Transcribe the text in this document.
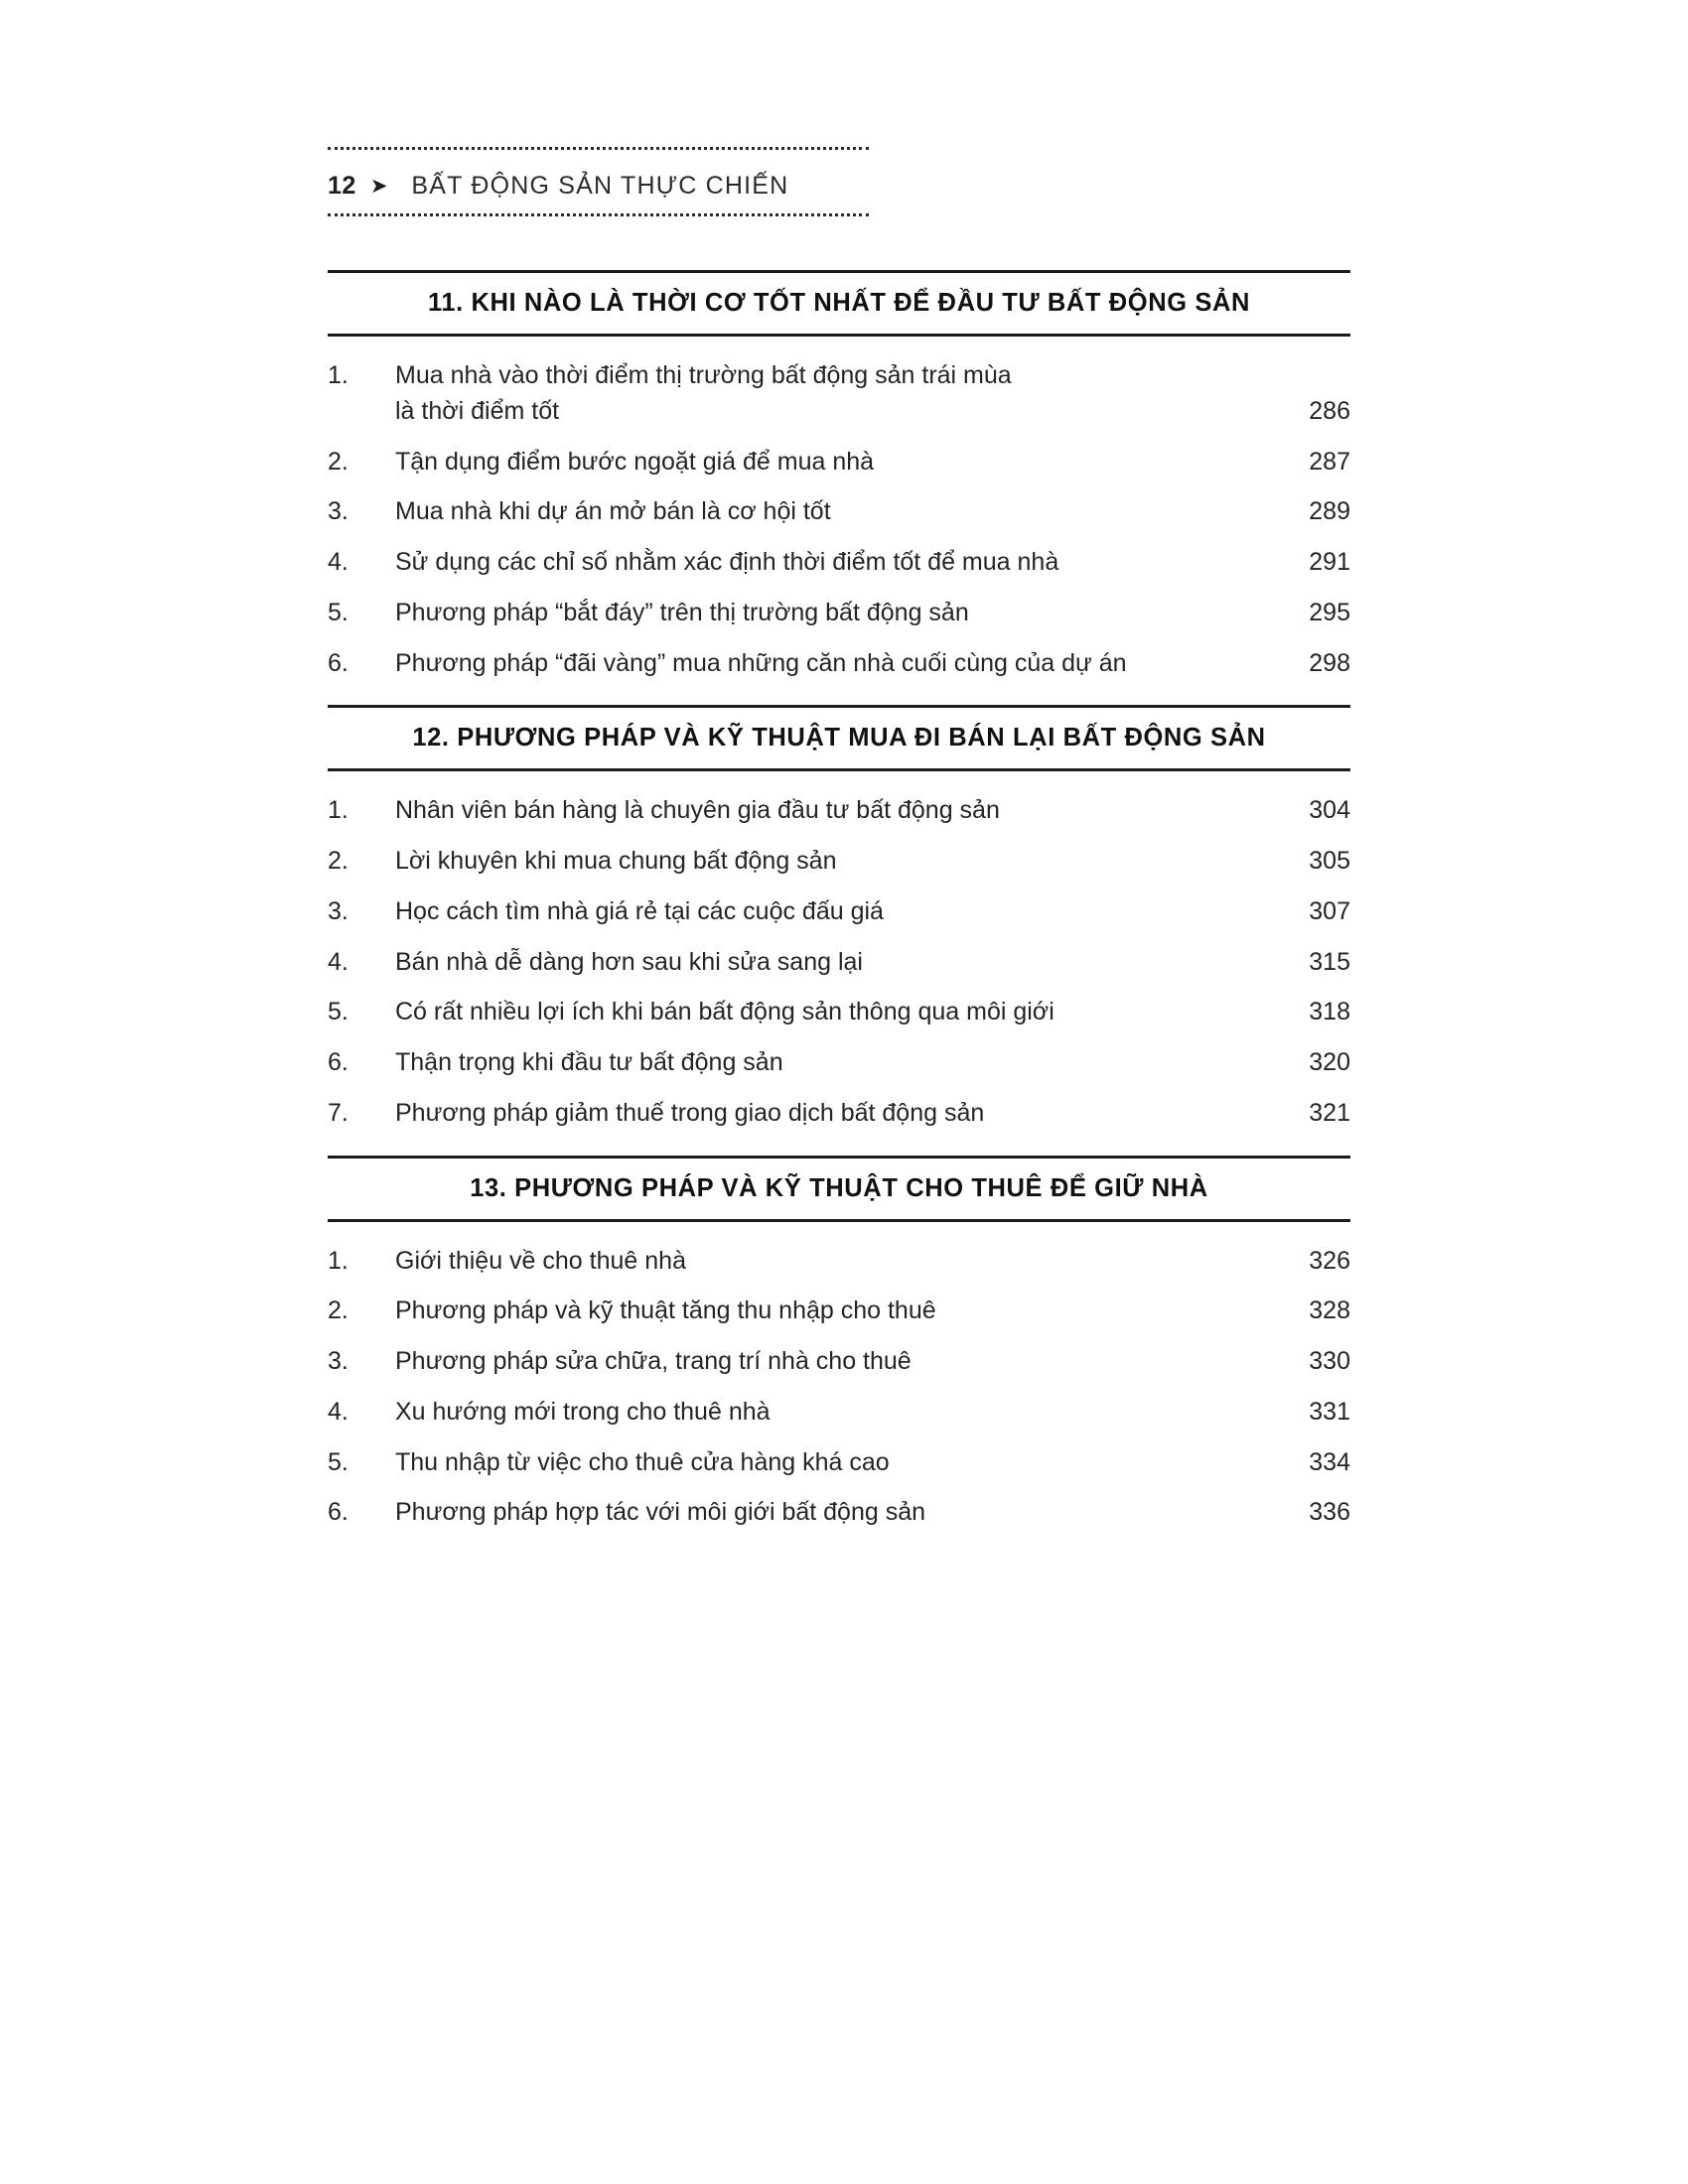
12 ➤ BẤT ĐỘNG SẢN THỰC CHIẾN
11. KHI NÀO LÀ THỜI CƠ TỐT NHẤT ĐỂ ĐẦU TƯ BẤT ĐỘNG SẢN
1.	Mua nhà vào thời điểm thị trường bất động sản trái mùa
là thời điểm tốt	286
2.	Tận dụng điểm bước ngoặt giá để mua nhà	287
3.	Mua nhà khi dự án mở bán là cơ hội tốt	289
4.	Sử dụng các chỉ số nhằm xác định thời điểm tốt để mua nhà	291
5.	Phương pháp “bắt đáy” trên thị trường bất động sản	295
6.	Phương pháp “đãi vàng” mua những căn nhà cuối cùng của dự án	298
12. PHƯƠNG PHÁP VÀ KỸ THUẬT MUA ĐI BÁN LẠI BẤT ĐỘNG SẢN
1.	Nhân viên bán hàng là chuyên gia đầu tư bất động sản	304
2.	Lời khuyên khi mua chung bất động sản	305
3.	Học cách tìm nhà giá rẻ tại các cuộc đấu giá	307
4.	Bán nhà dễ dàng hơn sau khi sửa sang lại	315
5.	Có rất nhiều lợi ích khi bán bất động sản thông qua môi giới	318
6.	Thận trọng khi đầu tư bất động sản	320
7.	Phương pháp giảm thuế trong giao dịch bất động sản	321
13. PHƯƠNG PHÁP VÀ KỸ THUẬT CHO THUÊ ĐỂ GIỮ NHÀ
1.	Giới thiệu về cho thuê nhà	326
2.	Phương pháp và kỹ thuật tăng thu nhập cho thuê	328
3.	Phương pháp sửa chữa, trang trí nhà cho thuê	330
4.	Xu hướng mới trong cho thuê nhà	331
5.	Thu nhập từ việc cho thuê cửa hàng khá cao	334
6.	Phương pháp hợp tác với môi giới bất động sản	336
